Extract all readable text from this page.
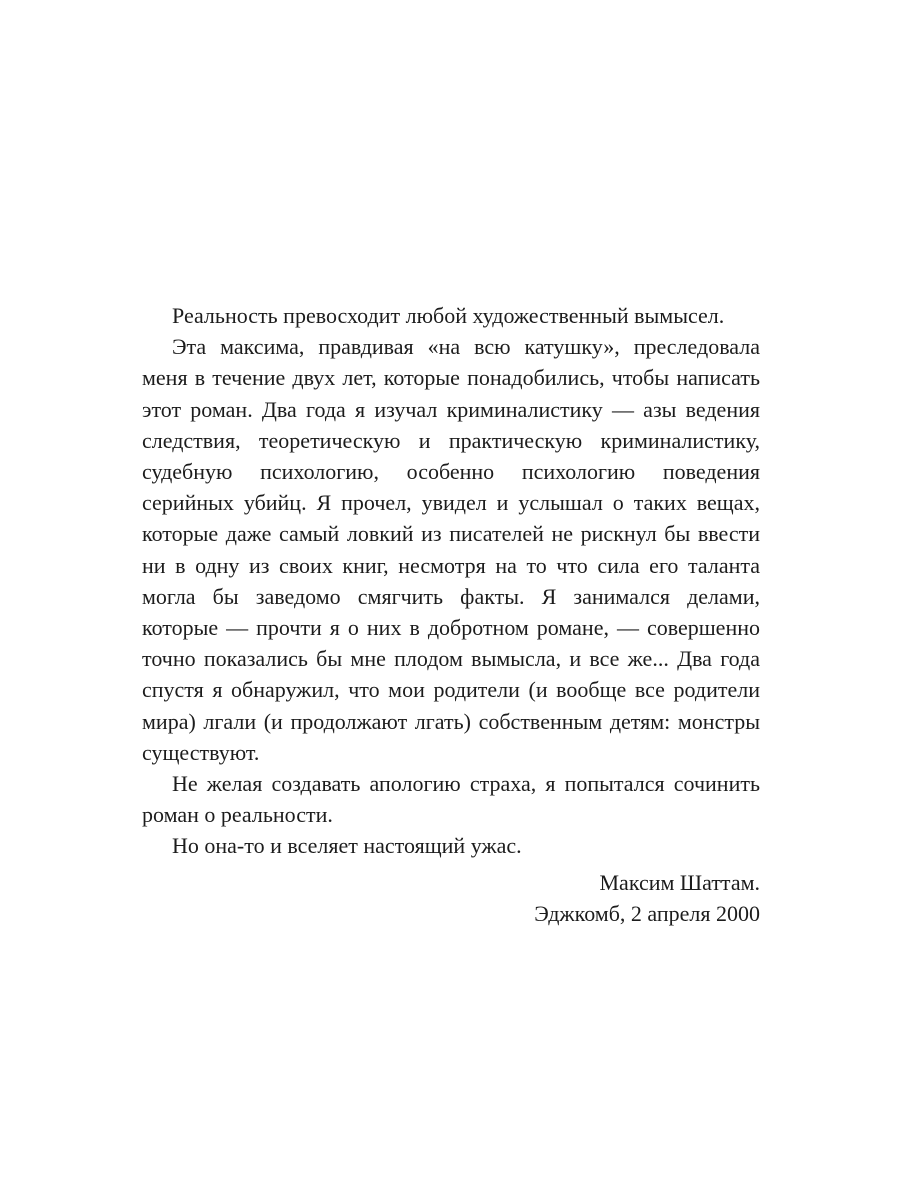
Реальность превосходит любой художественный вымысел.

Эта максима, правдивая «на всю катушку», преследовала меня в течение двух лет, которые понадобились, чтобы написать этот роман. Два года я изучал криминалистику — азы ведения следствия, теоретическую и практическую криминалистику, судебную психологию, особенно психологию поведения серийных убийц. Я прочел, увидел и услышал о таких вещах, которые даже самый ловкий из писателей не рискнул бы ввести ни в одну из своих книг, несмотря на то что сила его таланта могла бы заведомо смягчить факты. Я занимался делами, которые — прочти я о них в добротном романе, — совершенно точно показались бы мне плодом вымысла, и все же... Два года спустя я обнаружил, что мои родители (и вообще все родители мира) лгали (и продолжают лгать) собственным детям: монстры существуют.

Не желая создавать апологию страха, я попытался сочинить роман о реальности.

Но она-то и вселяет настоящий ужас.

Максим Шаттам.
Эджкомб, 2 апреля 2000
